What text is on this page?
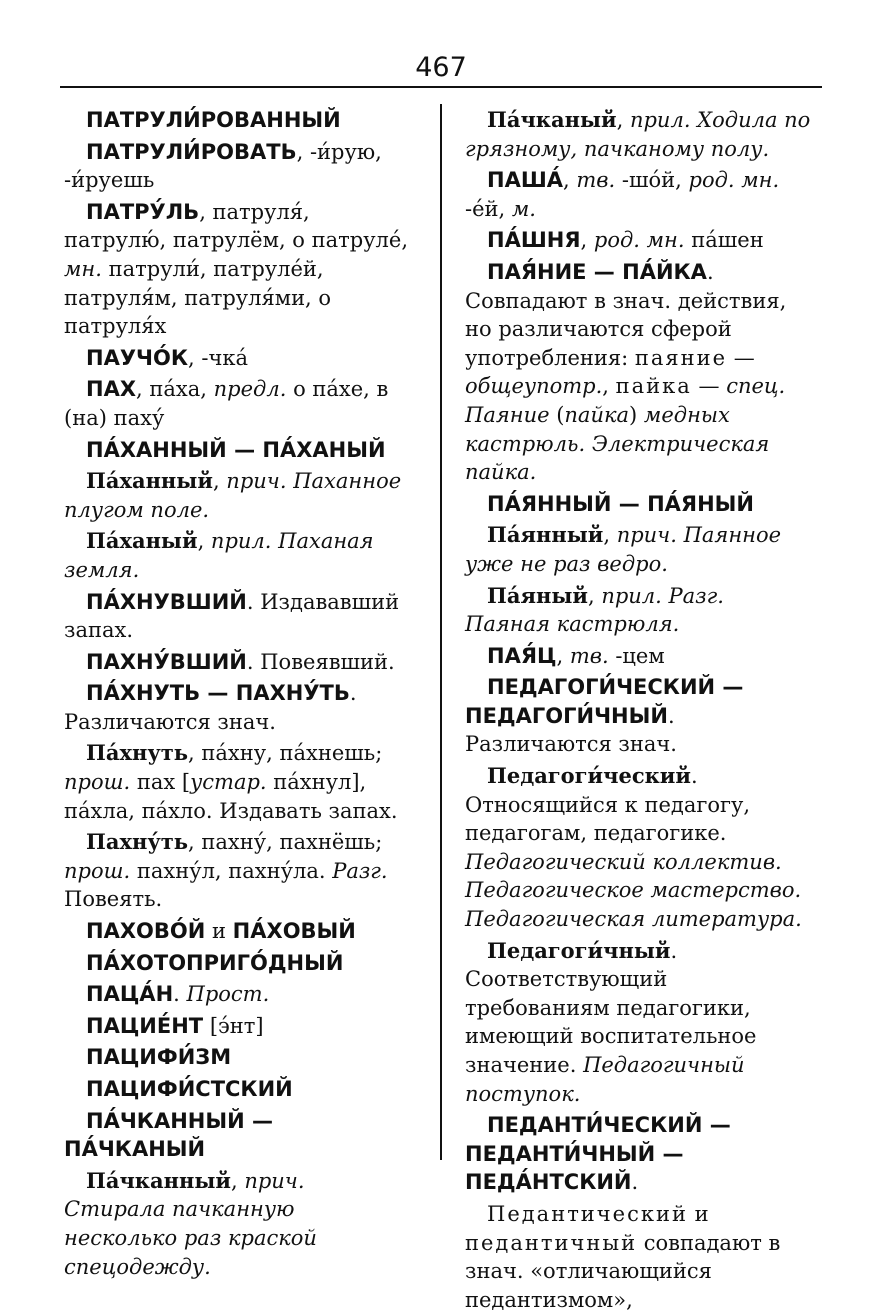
467

ПАТРУЛИ́РОВАННЫЙ

ПАТРУЛИ́РОВАТЬ, -и́рую, -и́руешь

ПАТРУ́ЛЬ, патруля́, патрулю́, патрулём, о патруле́, мн. патрули́, патруле́й, патруля́м, патруля́ми, о патруля́х

ПАУЧО́К, -чка́

ПАХ, па́ха, предл. о па́хе, в (на) паху́

ПА́ХАННЫЙ — ПА́ХАНЫЙ

Па́ханный, прич. Паханное плугом поле.

Па́ханый, прил. Паханая земля.

ПА́ХНУВШИЙ. Издававший запах.

ПАХНУ́ВШИЙ. Повеявший.

ПА́ХНУТЬ — ПАХНУ́ТЬ. Различаются знач.

Па́хнуть, па́хну, па́хнешь; прош. пах [устар. па́хнул], па́хла, па́хло. Издавать запах.

Пахну́ть, пахну́, пахнёшь; прош. пахну́л, пахну́ла. Разг. Повеять.

ПАХОВО́Й и ПА́ХОВЫЙ

ПА́ХОТОПРИГО́ДНЫЙ

ПАЦА́Н. Прост.

ПАЦИЕ́НТ [э́нт]

ПАЦИФИ́ЗМ

ПАЦИФИ́СТСКИЙ

ПА́ЧКАННЫЙ — ПА́ЧКАНЫЙ

Па́чканный, прич. Стирала пачканную несколько раз краской спецодежду.

Па́чканый, прил. Ходила по грязному, пачканому полу.

ПАША́, тв. -шо́й, род. мн. -е́й, м.

ПА́ШНЯ, род. мн. па́шен

ПАЯ́НИЕ — ПА́ЙКА. Совпадают в знач. действия, но различаются сферой употребления: паяние — общеупотр., пайка — спец. Паяние (пайка) медных кастрюль. Электрическая пайка.

ПА́ЯННЫЙ — ПА́ЯНЫЙ

Па́янный, прич. Паянное уже не раз ведро.

Па́яный, прил. Разг. Паяная кастрюля.

ПАЯ́Ц, тв. -цем

ПЕДАГОГИ́ЧЕСКИЙ — ПЕДАГОГИ́ЧНЫЙ. Различаются знач.

Педагоги́ческий. Относящийся к педагогу, педагогам, педагогике. Педагогический коллектив. Педагогическое мастерство. Педагогическая литература.

Педагоги́чный. Соответствующий требованиям педагогики, имеющий воспитательное значение. Педагогичный поступок.

ПЕДАНТИ́ЧЕСКИЙ — ПЕДАНТИ́ЧНЫЙ — ПЕДА́НТСКИЙ.

Педантический и педантичный совпадают в знач. «отличающийся педантизмом»,
